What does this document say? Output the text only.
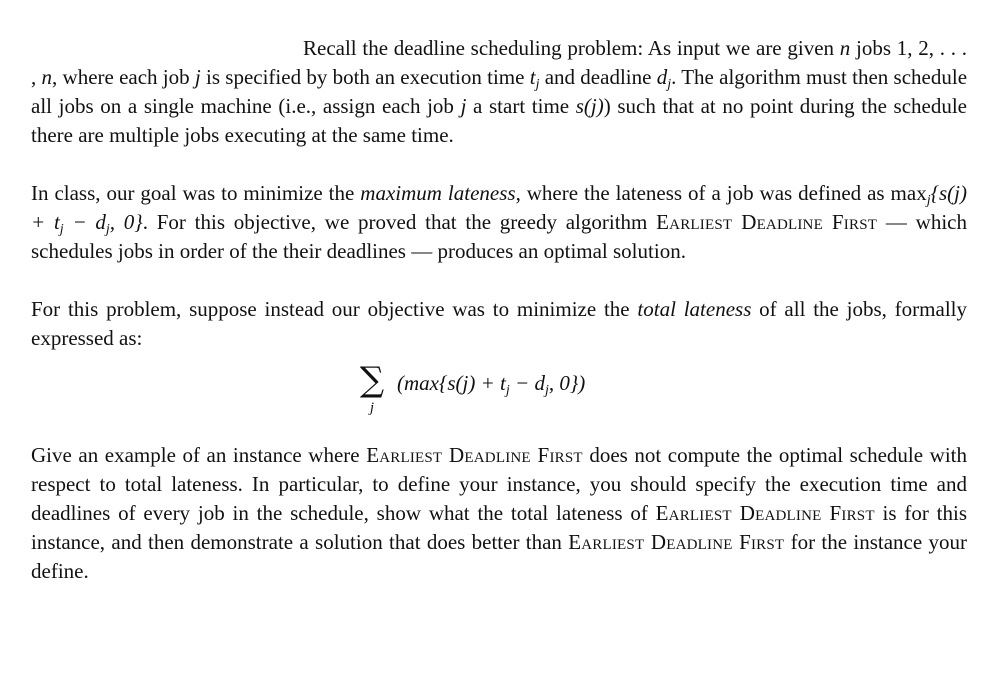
Recall the deadline scheduling problem: As input we are given n jobs 1, 2, . . . , n, where each job j is specified by both an execution time $t_j$ and deadline $d_j$. The algorithm must then schedule all jobs on a single machine (i.e., assign each job j a start time s(j)) such that at no point during the schedule there are multiple jobs executing at the same time.

In class, our goal was to minimize the maximum lateness, where the lateness of a job was defined as $\max_j\{s(j) + t_j - d_j$, 0}. For this objective, we proved that the greedy algorithm Earliest Deadline First — which schedules jobs in order of the their deadlines — produces an optimal solution.

For this problem, suppose instead our objective was to minimize the total lateness of all the jobs, formally expressed as:

∑
j
($\max\{s(j) + t_j - d_j$, 0})

Give an example of an instance where Earliest Deadline First does not compute the optimal schedule with respect to total lateness. In particular, to define your instance, you should specify the execution time and deadlines of every job in the schedule, show what the total lateness of Earliest Deadline First is for this instance, and then demonstrate a solution that does better than Earliest Deadline First for the instance your define.
